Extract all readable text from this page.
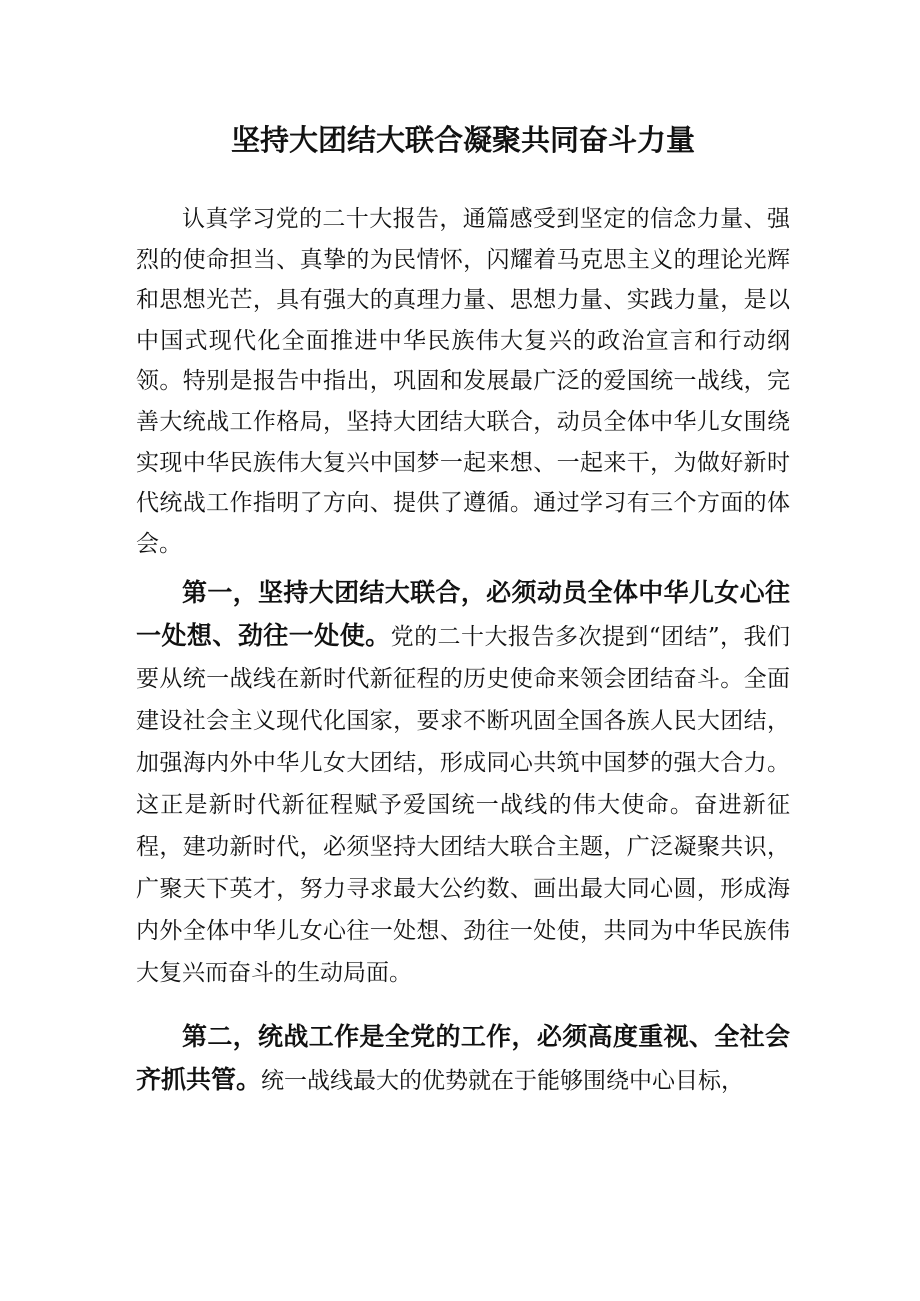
坚持大团结大联合凝聚共同奋斗力量

认真学习党的二十大报告，通篇感受到坚定的信念力量、强烈的使命担当、真挚的为民情怀，闪耀着马克思主义的理论光辉和思想光芒，具有强大的真理力量、思想力量、实践力量，是以中国式现代化全面推进中华民族伟大复兴的政治宣言和行动纲领。特别是报告中指出，巩固和发展最广泛的爱国统一战线，完善大统战工作格局，坚持大团结大联合，动员全体中华儿女围绕实现中华民族伟大复兴中国梦一起来想、一起来干，为做好新时代统战工作指明了方向、提供了遵循。通过学习有三个方面的体会。

第一，坚持大团结大联合，必须动员全体中华儿女心往一处想、劲往一处使。党的二十大报告多次提到“团结”，我们要从统一战线在新时代新征程的历史使命来领会团结奋斗。全面建设社会主义现代化国家，要求不断巩固全国各族人民大团结，加强海内外中华儿女大团结，形成同心共筑中国梦的强大合力。这正是新时代新征程赋予爱国统一战线的伟大使命。奋进新征程，建功新时代，必须坚持大团结大联合主题，广泛凝聚共识，广聚天下英才，努力寻求最大公约数、画出最大同心圆，形成海内外全体中华儿女心往一处想、劲往一处使，共同为中华民族伟大复兴而奋斗的生动局面。

第二，统战工作是全党的工作，必须高度重视、全社会齐抓共管。统一战线最大的优势就在于能够围绕中心目标，
